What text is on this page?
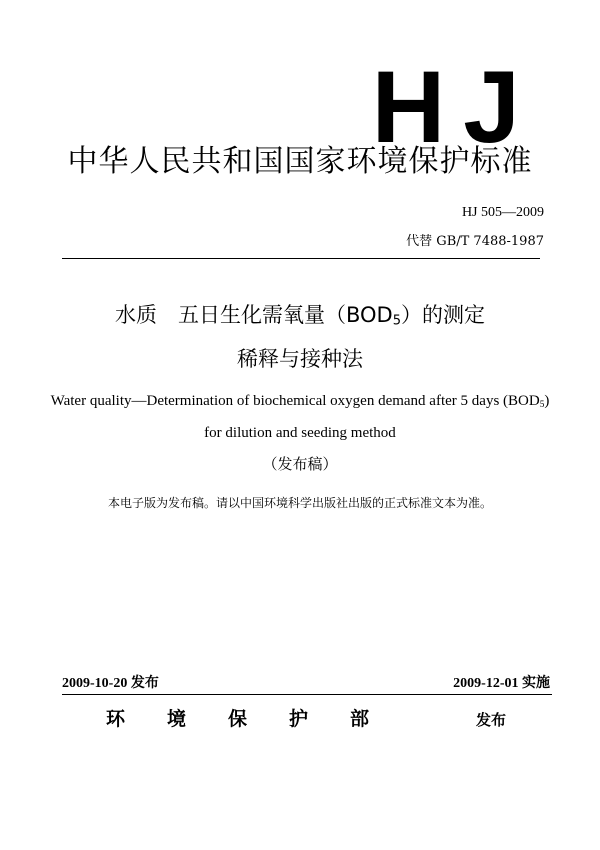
HJ
中华人民共和国国家环境保护标准
HJ 505—2009
代替 GB/T 7488-1987
水质　五日生化需氧量$(BOD_5)$的测定
稀释与接种法
Water quality—Determination of biochemical oxygen demand after 5 days $(BOD_5)$
for dilution and seeding method
（发布稿）
本电子版为发布稿。请以中国环境科学出版社出版的正式标准文本为准。
2009-10-20 发布	2009-12-01 实施
环境保护部	发布
